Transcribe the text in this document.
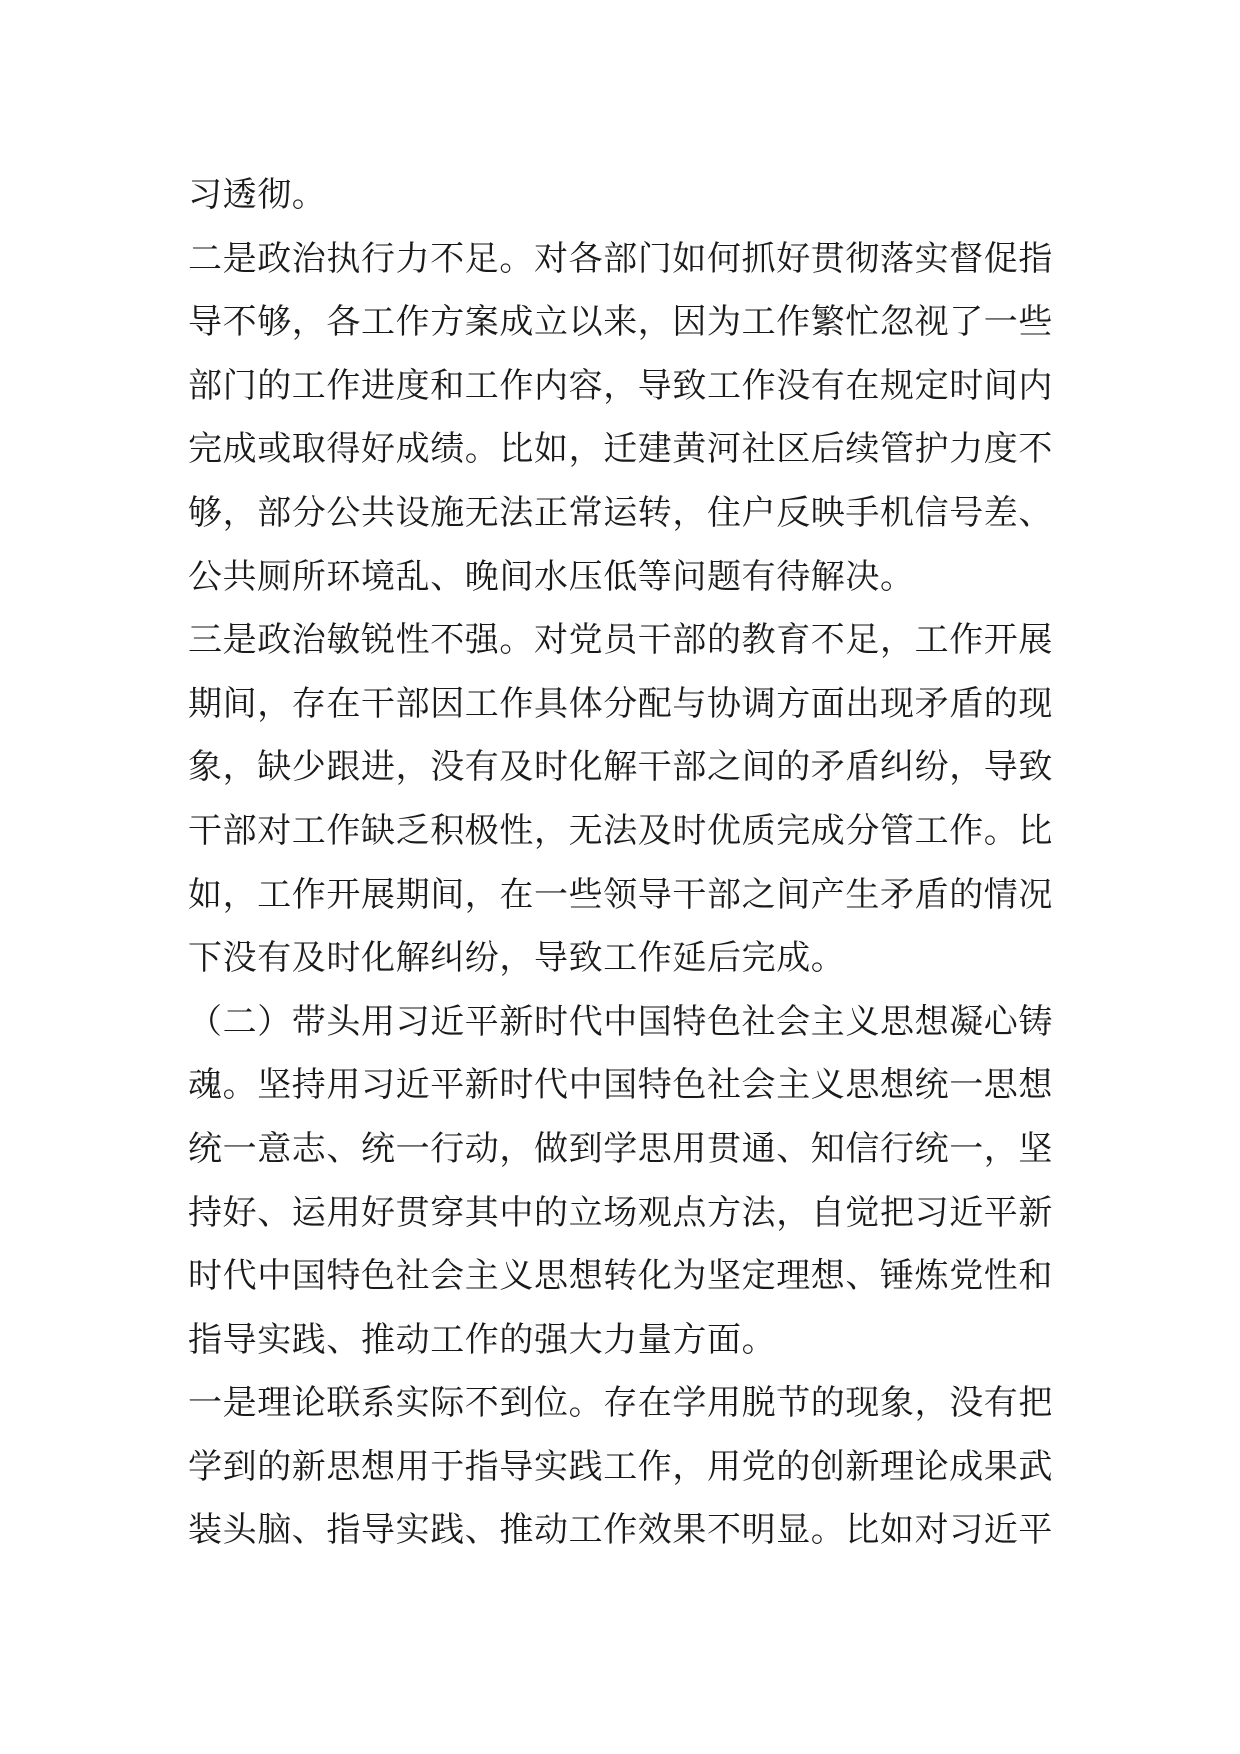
习透彻。
二是政治执行力不足。对各部门如何抓好贯彻落实督促指
导不够，各工作方案成立以来，因为工作繁忙忽视了一些
部门的工作进度和工作内容，导致工作没有在规定时间内
完成或取得好成绩。比如，迁建黄河社区后续管护力度不
够，部分公共设施无法正常运转，住户反映手机信号差、
公共厕所环境乱、晚间水压低等问题有待解决。
三是政治敏锐性不强。对党员干部的教育不足，工作开展
期间，存在干部因工作具体分配与协调方面出现矛盾的现
象，缺少跟进，没有及时化解干部之间的矛盾纠纷，导致
干部对工作缺乏积极性，无法及时优质完成分管工作。比
如，工作开展期间，在一些领导干部之间产生矛盾的情况
下没有及时化解纠纷，导致工作延后完成。
（二）带头用习近平新时代中国特色社会主义思想凝心铸
魂。坚持用习近平新时代中国特色社会主义思想统一思想
统一意志、统一行动，做到学思用贯通、知信行统一，坚
持好、运用好贯穿其中的立场观点方法，自觉把习近平新
时代中国特色社会主义思想转化为坚定理想、锤炼党性和
指导实践、推动工作的强大力量方面。
一是理论联系实际不到位。存在学用脱节的现象，没有把
学到的新思想用于指导实践工作，用党的创新理论成果武
装头脑、指导实践、推动工作效果不明显。比如对习近平
